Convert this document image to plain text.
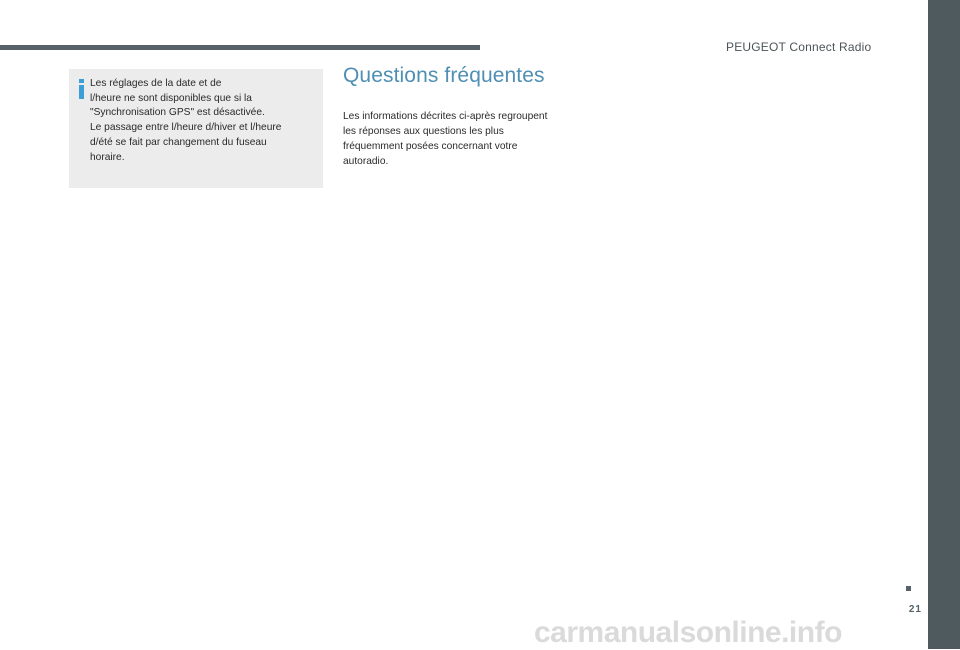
PEUGEOT Connect Radio
Les réglages de la date et de
l/heure ne sont disponibles que si la
"Synchronisation GPS" est désactivée.
Le passage entre l/heure d/hiver et l/heure
d/été se fait par changement du fuseau
horaire.
Questions fréquentes
Les informations décrites ci-après regroupent
les réponses aux questions les plus
fréquemment posées concernant votre
autoradio.
21
carmanualsonline.info
